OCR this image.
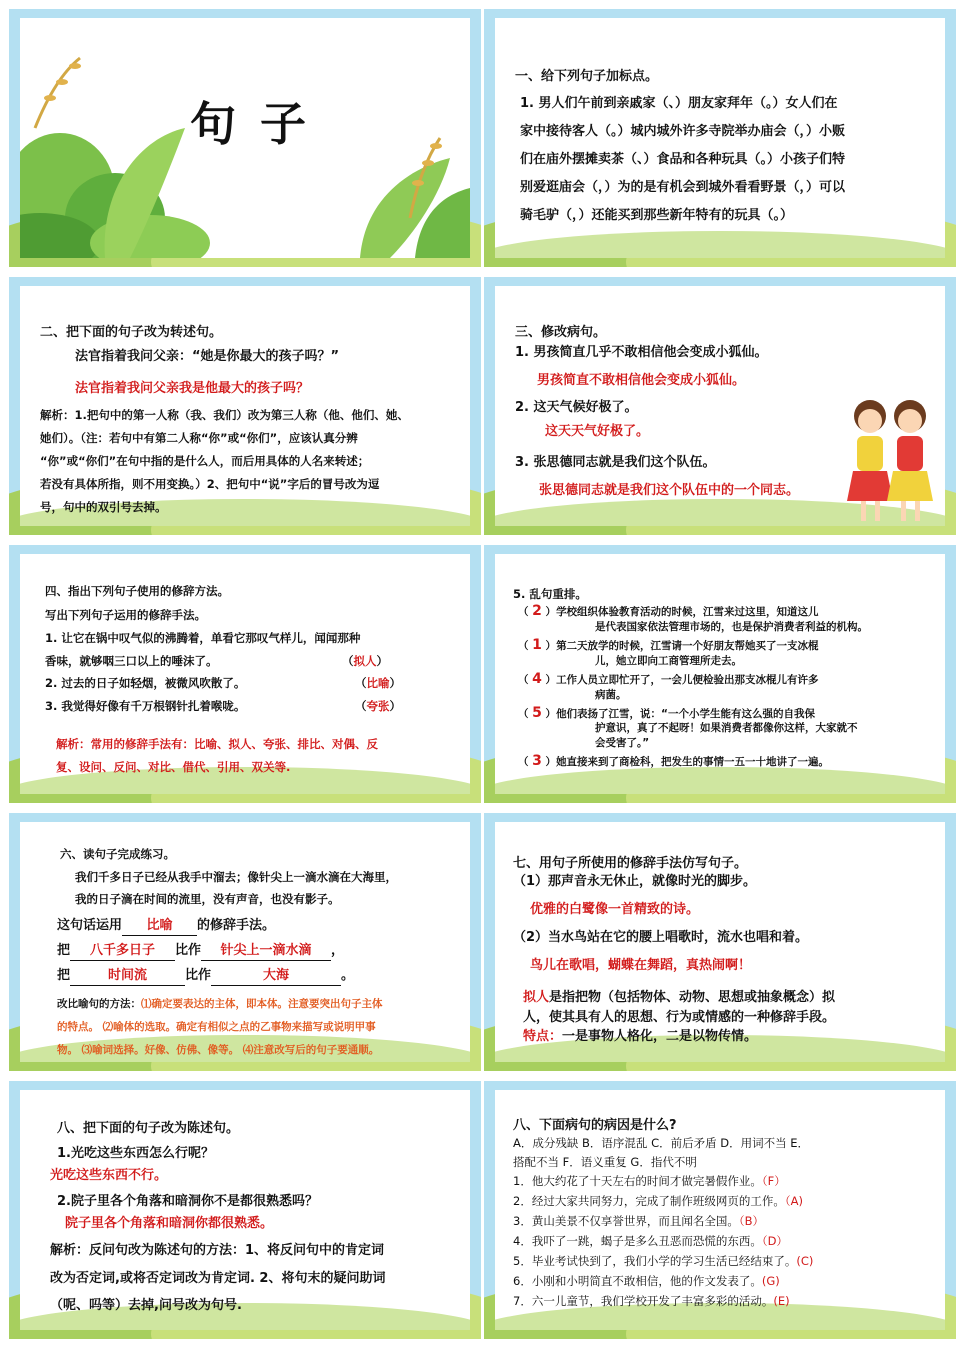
句 子
一、给下列句子加标点。
1. 男人们午前到亲戚家（、）朋友家拜年（。）女人们在
家中接待客人（。）城内城外许多寺院举办庙会（，）小贩
们在庙外摆摊卖茶（、）食品和各种玩具（。）小孩子们特
别爱逛庙会（，）为的是有机会到城外看看野景（，）可以
骑毛驴（，）还能买到那些新年特有的玩具（。）
二、把下面的句子改为转述句。
法官指着我问父亲：“她是你最大的孩子吗？”
法官指着我问父亲我是他最大的孩子吗？
解析：1.把句中的第一人称（我、我们）改为第三人称（他、他们、她、
她们）。（注：若句中有第二人称“你”或“你们”，应该认真分辨
“你”或“你们”在句中指的是什么人，而后用具体的人名来转述；
若没有具体所指，则不用变换。）2、把句中“说”字后的冒号改为逗
号，句中的双引号去掉。
三、修改病句。
1. 男孩简直几乎不敢相信他会变成小狐仙。
男孩简直不敢相信他会变成小狐仙。
2. 这天气候好极了。
这天天气好极了。
3. 张思德同志就是我们这个队伍。
张思德同志就是我们这个队伍中的一个同志。
四、指出下列句子使用的修辞方法。
写出下列句子运用的修辞手法。
1. 让它在锅中叹气似的沸腾着，单看它那叹气样儿，闻闻那种
香味，就够咽三口以上的唾沫了。	（拟人）
2. 过去的日子如轻烟，被微风吹散了。	（比喻）
3. 我觉得好像有千万根钢针扎着喉咙。	（夸张）
解析：常用的修辞手法有：比喻、拟人、夸张、排比、对偶、反
复、设问、反问、对比、借代、引用、双关等.
5. 乱句重排。
（ 2 ）学校组织体验教育活动的时候，江雪来过这里，知道这儿
是代表国家依法管理市场的，也是保护消费者利益的机构。
（ 1 ）第二天放学的时候，江雪请一个好朋友帮她买了一支冰棍
儿，她立即向工商管理所走去。
（ 4 ）工作人员立即忙开了，一会儿便检验出那支冰棍儿有许多
病菌。
（ 5 ）他们表扬了江雪，说：“一个小学生能有这么强的自我保
护意识，真了不起呀！如果消费者都像你这样，大家就不
会受害了。”
（ 3 ）她直接来到了商检科，把发生的事情一五一十地讲了一遍。
六、读句子完成练习。
我们千多日子已经从我手中溜去；像针尖上一滴水滴在大海里，
我的日子滴在时间的流里，没有声音，也没有影子。
这句话运用 比喻 的修辞手法。
把 八千多日子 比作 针尖上一滴水滴 ，
把	时间流	比作	大海	。
改比喻句的方法：⑴确定要表达的主体，即本体。注意要突出句子主体
的特点。 ⑵喻体的选取。确定有相似之点的乙事物来描写或说明甲事
物。 ⑶喻词选择。好像、仿佛、像等。 ⑷注意改写后的句子要通顺。
七、用句子所使用的修辞手法仿写句子。
（1）那声音永无休止，就像时光的脚步。
优雅的白鹭像一首精致的诗。
（2）当水鸟站在它的腰上唱歌时，流水也唱和着。
鸟儿在歌唱，蝴蝶在舞蹈，真热闹啊！
拟人是指把物（包括物体、动物、思想或抽象概念）拟
人，使其具有人的思想、行为或情感的一种修辞手段。
特点：一是事物人格化，二是以物传情。
八、把下面的句子改为陈述句。
1.光吃这些东西怎么行呢？
光吃这些东西不行。
2.院子里各个角落和暗洞你不是都很熟悉吗？
院子里各个角落和暗洞你都很熟悉。
解析：反问句改为陈述句的方法：1、将反问句中的肯定词
改为否定词,或将否定词改为肯定词. 2、将句末的疑问助词
（呢、吗等）去掉,问号改为句号.
八、下面病句的病因是什么?
A．成分残缺 B．语序混乱 C．前后矛盾 D．用词不当 E．
搭配不当 F．语义重复 G．指代不明
1．他大约花了十天左右的时间才做完暑假作业。（F）
2．经过大家共同努力，完成了制作班级网页的工作。（A)
3．黄山美景不仅享誉世界，而且闻名全国。（B）
4．我吓了一跳，蝎子是多么丑恶而恐慌的东西。（D）
5．毕业考试快到了，我们小学的学习生活已经结束了。(C)
6．小刚和小明简直不敢相信，他的作文发表了。(G)
7．六一儿童节，我们学校开发了丰富多彩的活动。(E)
